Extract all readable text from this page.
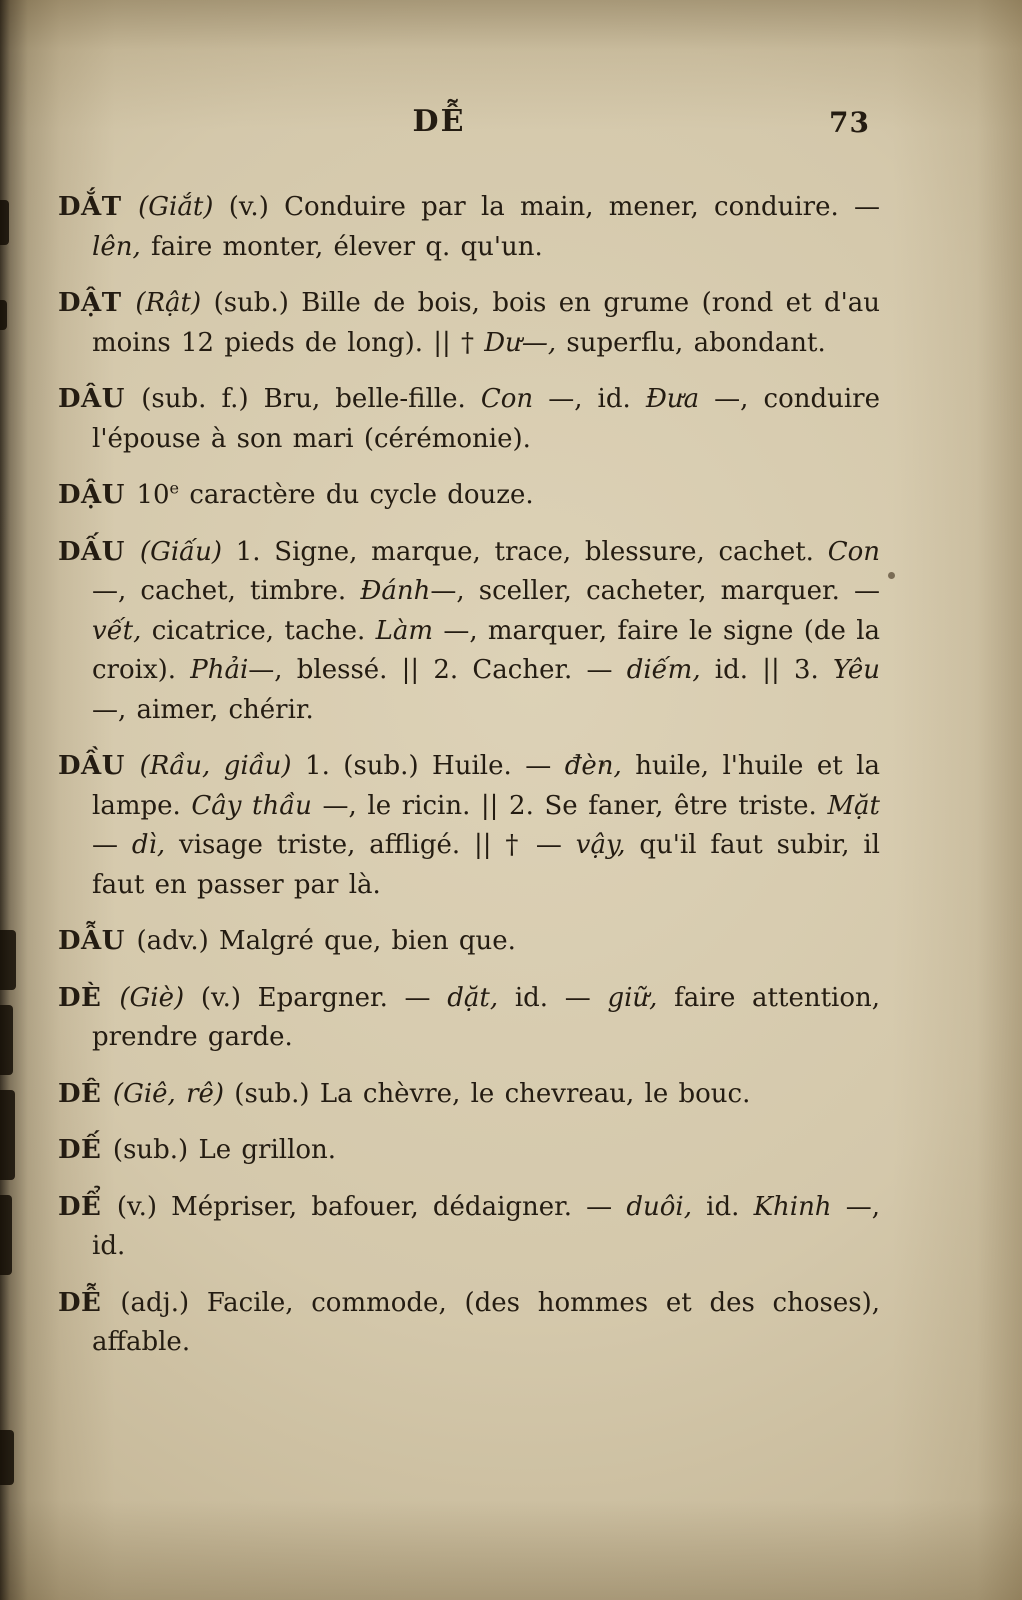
DỄ	73

DẮT (Giắt) (v.) Conduire par la main, mener, conduire. — lên, faire monter, élever q. qu'un.

DẬT (Rật) (sub.) Bille de bois, bois en grume (rond et d'au moins 12 pieds de long). || † Dư—, superflu, abondant.

DÂU (sub. f.) Bru, belle-fille. Con —, id. Đưa —, conduire l'épouse à son mari (cérémonie).

DẬU 10e caractère du cycle douze.

DẤU (Giấu) 1. Signe, marque, trace, blessure, cachet. Con—, cachet, timbre. Đánh—, sceller, cacheter, marquer. — vết, cicatrice, tache. Làm —, marquer, faire le signe (de la croix). Phải—, blessé. || 2. Cacher. — diếm, id. || 3. Yêu —, aimer, chérir.

DẦU (Rầu, giầu) 1. (sub.) Huile. — đèn, huile, l'huile et la lampe. Cây thầu —, le ricin. || 2. Se faner, être triste. Mặt — dì, visage triste, affligé. || † — vậy, qu'il faut subir, il faut en passer par là.

DẪU (adv.) Malgré que, bien que.

DÈ (Giè) (v.) Epargner. — dặt, id. — giữ, faire attention, prendre garde.

DÊ (Giê, rê) (sub.) La chèvre, le chevreau, le bouc.

DẾ (sub.) Le grillon.

DỂ (v.) Mépriser, bafouer, dédaigner. — duôi, id. Khinh —, id.

DỄ (adj.) Facile, commode, (des hommes et des choses), affable.
